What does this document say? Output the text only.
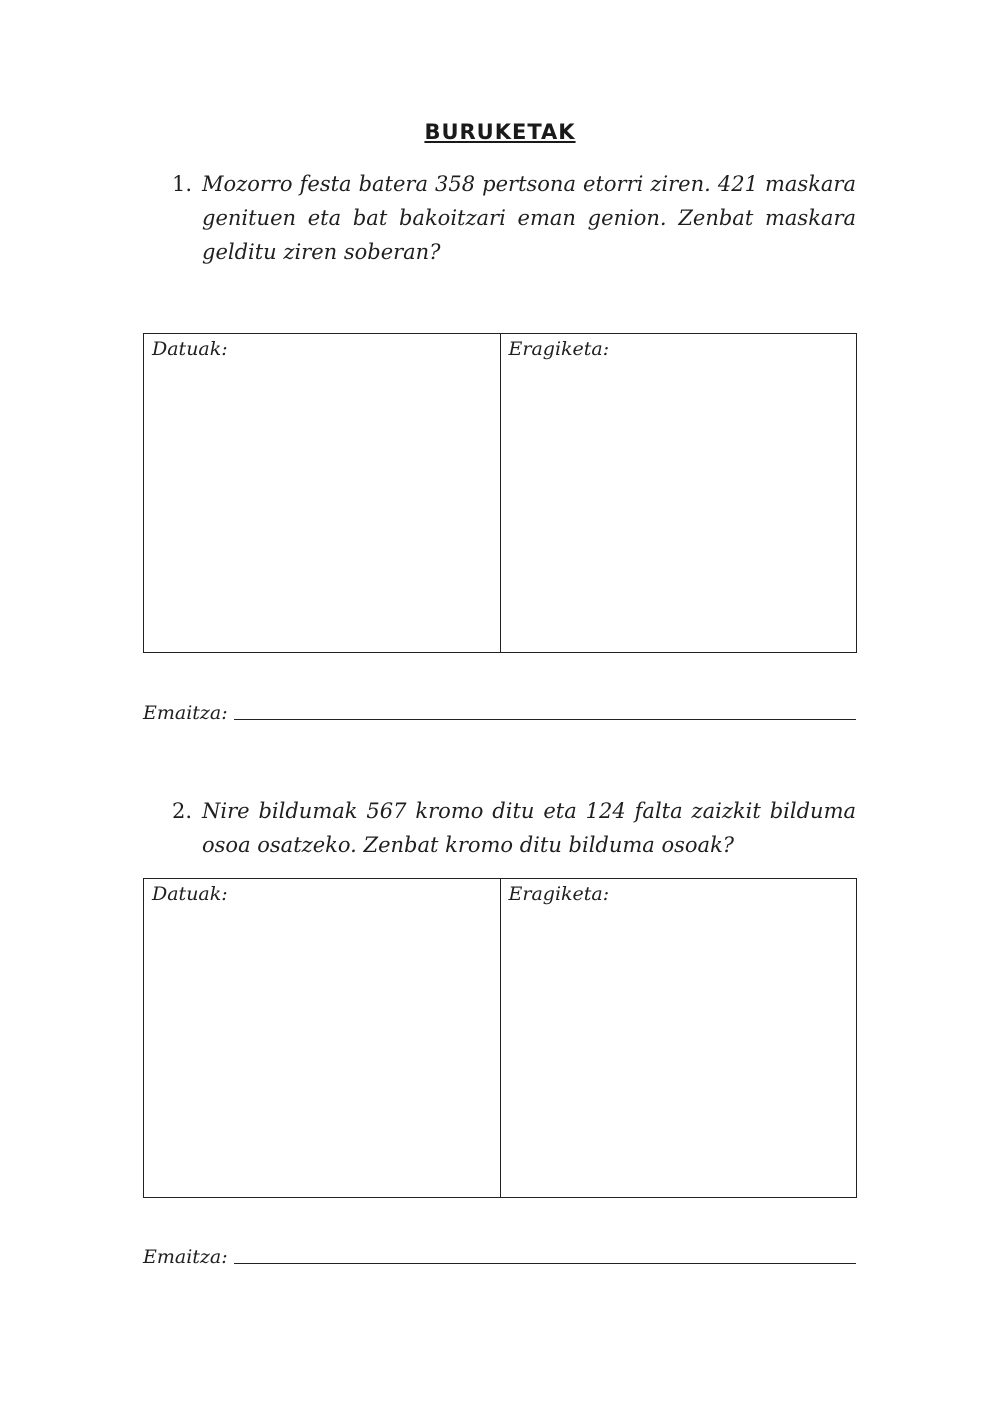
BURUKETAK
1. Mozorro festa batera 358 pertsona etorri ziren. 421 maskara genituen eta bat bakoitzari eman genion. Zenbat maskara gelditu ziren soberan?
Datuak:	Eragiketa:
Emaitza:
2. Nire bildumak 567 kromo ditu eta 124 falta zaizkit bilduma osoa osatzeko. Zenbat kromo ditu bilduma osoak?
Datuak:	Eragiketa:
Emaitza:
